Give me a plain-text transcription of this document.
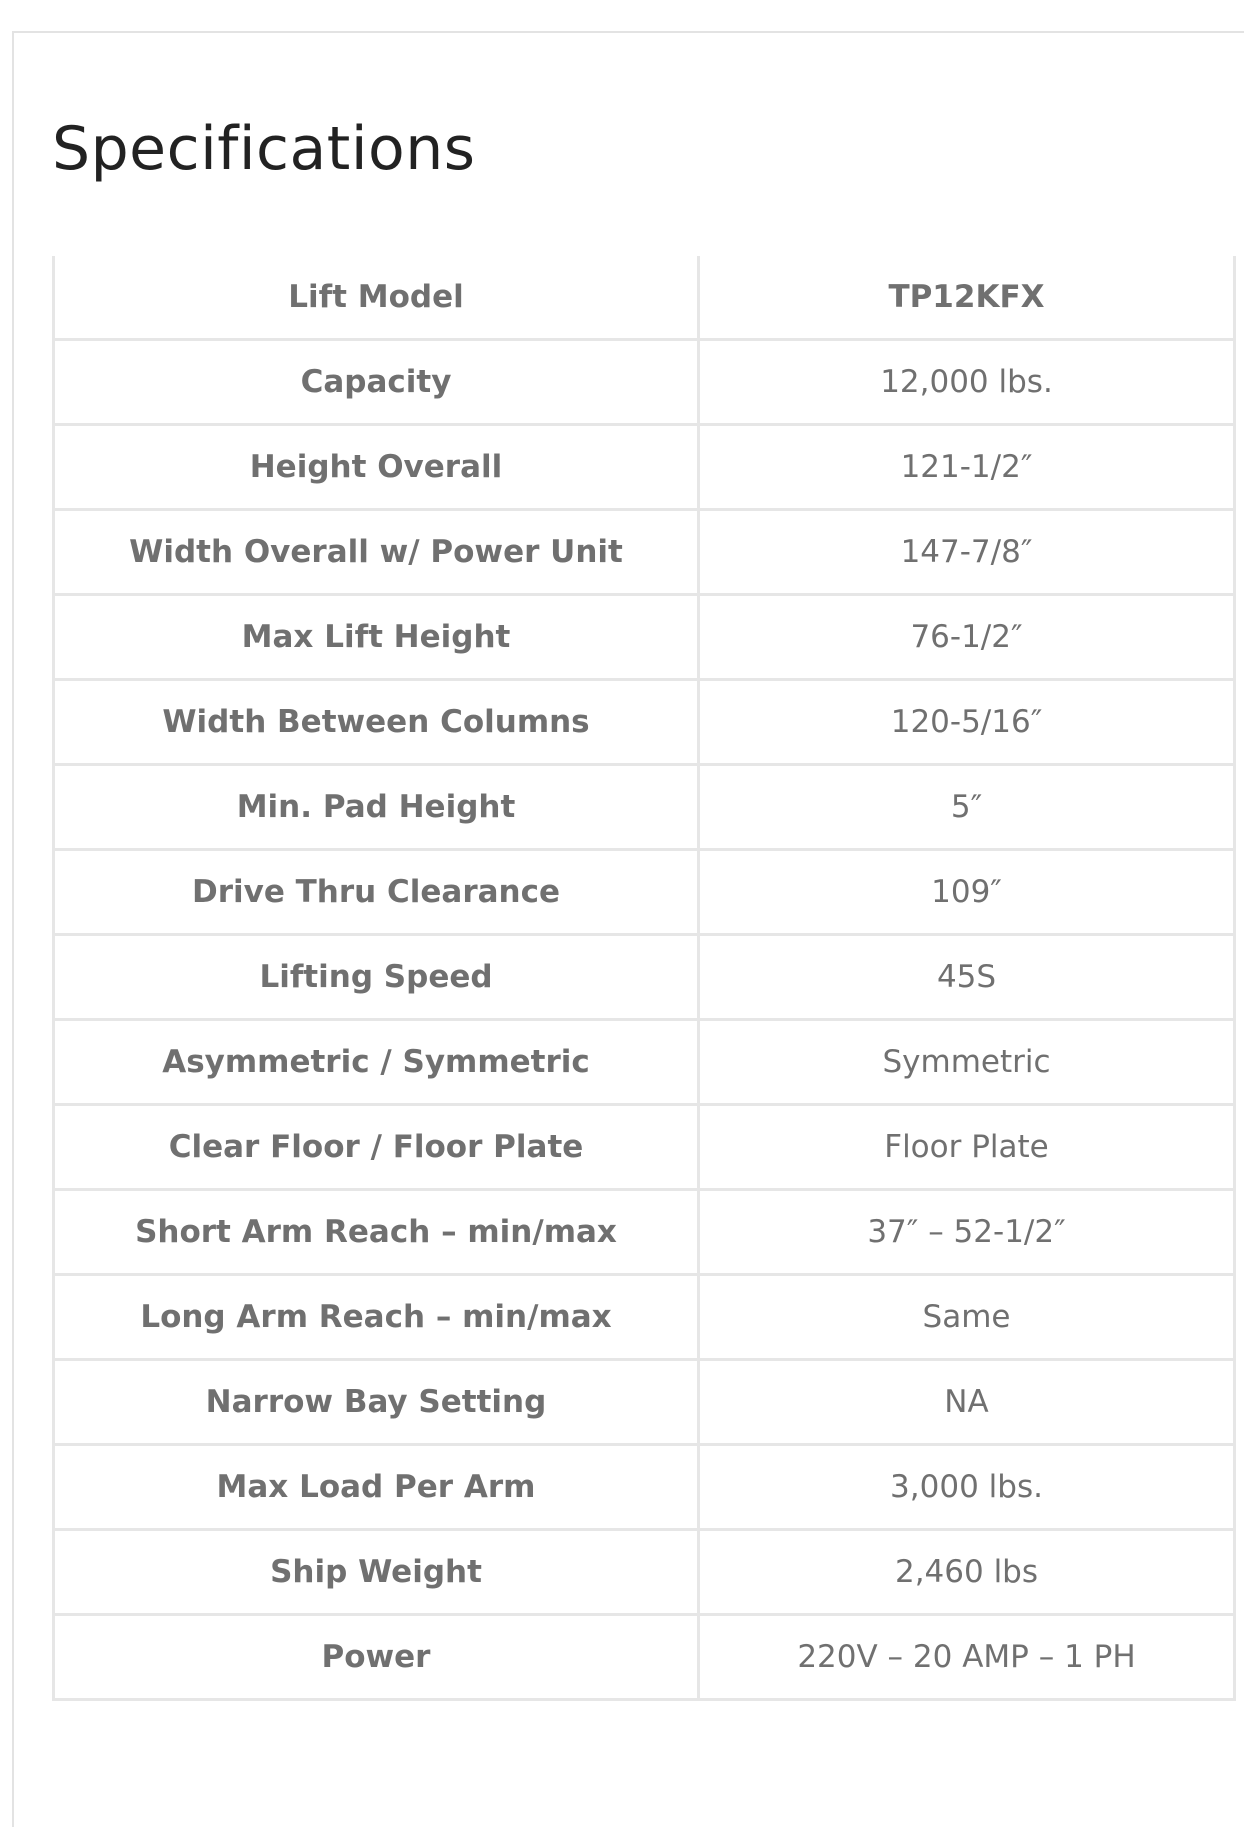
Specifications
Lift Model	TP12KFX
Capacity	12,000 lbs.
Height Overall	121-1/2″
Width Overall w/ Power Unit	147-7/8″
Max Lift Height	76-1/2″
Width Between Columns	120-5/16″
Min. Pad Height	5″
Drive Thru Clearance	109″
Lifting Speed	45S
Asymmetric / Symmetric	Symmetric
Clear Floor / Floor Plate	Floor Plate
Short Arm Reach – min/max	37″ – 52-1/2″
Long Arm Reach – min/max	Same
Narrow Bay Setting	NA
Max Load Per Arm	3,000 lbs.
Ship Weight	2,460 lbs
Power	220V – 20 AMP – 1 PH
